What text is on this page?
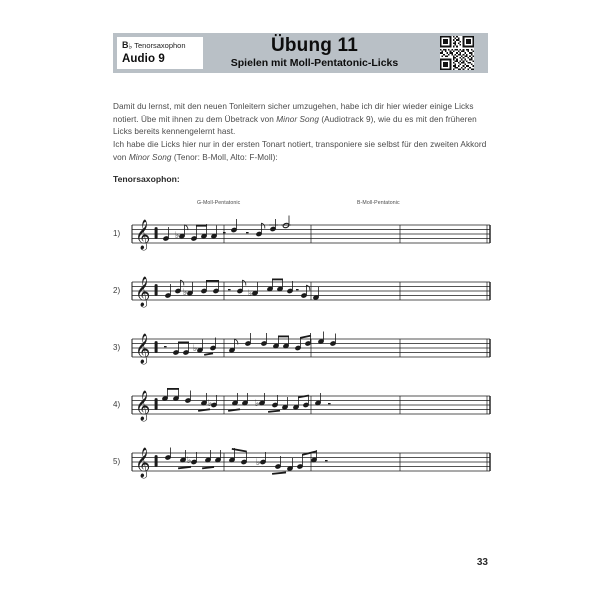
B♭ Tenorsaxophon
Audio 9
Übung 11
Spielen mit Moll-Pentatonic-Licks

Damit du lernst, mit den neuen Tonleitern sicher umzugehen, habe ich dir hier wieder einige Licks notiert. Übe mit ihnen zu dem Übetrack von Minor Song (Audiotrack 9), wie du es mit den früheren Licks bereits kennengelernt hast.

Ich habe die Licks hier nur in der ersten Tonart notiert, transponiere sie selbst für den zweiten Akkord von Minor Song (Tenor: B-Moll, Alto: F-Moll):

Tenorsaxophon:
G-Moll-Pentatonic	B-Moll-Pentatonic
1) 𝄞	♭
2) 𝄞	♭	♭
3) 𝄞	♭
4) 𝄞	♭	♭
5) 𝄞	♭	♭
33
